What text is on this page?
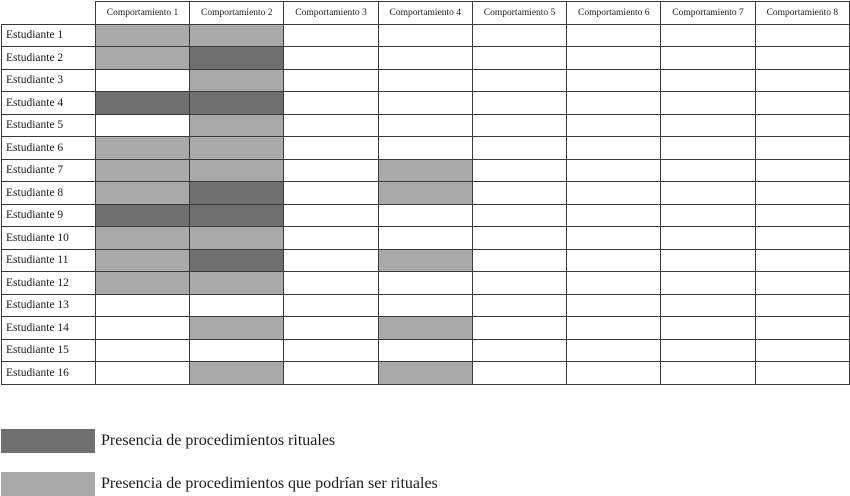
	Comportamiento 1	Comportamiento 2	Comportamiento 3	Comportamiento 4	Comportamiento 5	Comportamiento 6	Comportamiento 7	Comportamiento 8
Estudiante 1								
Estudiante 2								
Estudiante 3								
Estudiante 4								
Estudiante 5								
Estudiante 6								
Estudiante 7								
Estudiante 8								
Estudiante 9								
Estudiante 10								
Estudiante 11								
Estudiante 12								
Estudiante 13								
Estudiante 14								
Estudiante 15								
Estudiante 16								
Presencia de procedimientos rituales
Presencia de procedimientos que podrían ser rituales
